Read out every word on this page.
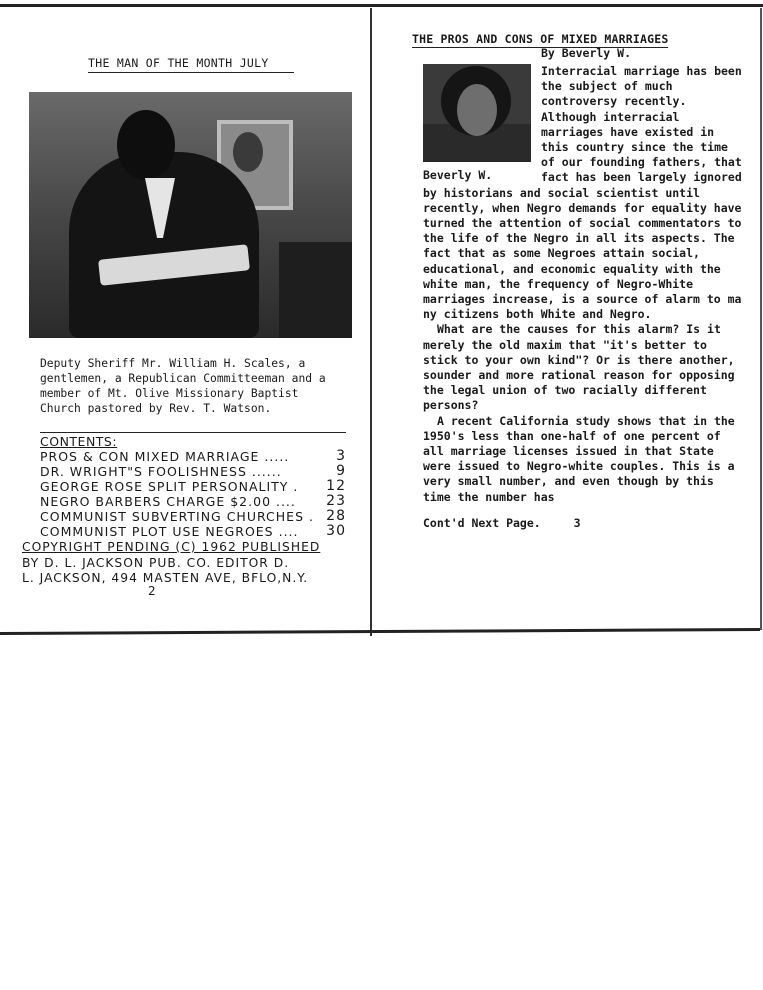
THE MAN OF THE MONTH JULY
Deputy Sheriff Mr. William H. Scales, a gentlemen, a Republican Committeeman and a member of Mt. Olive Missionary Baptist Church pastored by Rev. T. Watson.
CONTENTS:
PROS & CON MIXED MARRIAGE .....	3
DR. WRIGHT"S FOOLISHNESS ......	9
GEORGE ROSE SPLIT PERSONALITY . 12
NEGRO BARBERS CHARGE $2.00 .... 23
COMMUNIST SUBVERTING CHURCHES . 28
COMMUNIST PLOT USE NEGROES .... 30
COPYRIGHT PENDING (C) 1962 PUBLISHED
BY D. L. JACKSON PUB. CO. EDITOR D.
L. JACKSON, 494 MASTEN AVE, BFLO,N.Y.
2
THE PROS AND CONS OF MIXED MARRIAGES
By Beverly W.

Interracial marriage has been the subject of much controversy recently. Although interracial marriages have existed in this country since the time of our founding fathers, that fact has been largely ignored by historians and social scientist until recently, when Negro demands for equality have turned the attention of social commentators to the life of the Negro in all its aspects. The fact that as some Negroes attain social, educational, and economic equality with the white man, the frequency of Negro-White marriages increase, is a source of alarm to ma ny citizens both White and Negro.

What are the causes for this alarm? Is it merely the old maxim that "it's better to stick to your own kind"? Or is there another, sounder and more rational reason for opposing the legal union of two racially different persons?

A recent California study shows that in the 1950's less than one-half of one percent of all marriage licenses issued in that State were issued to Negro-white couples. This is a very small number, and even though by this time the number has

Beverly W.
Cont'd Next Page.	3
